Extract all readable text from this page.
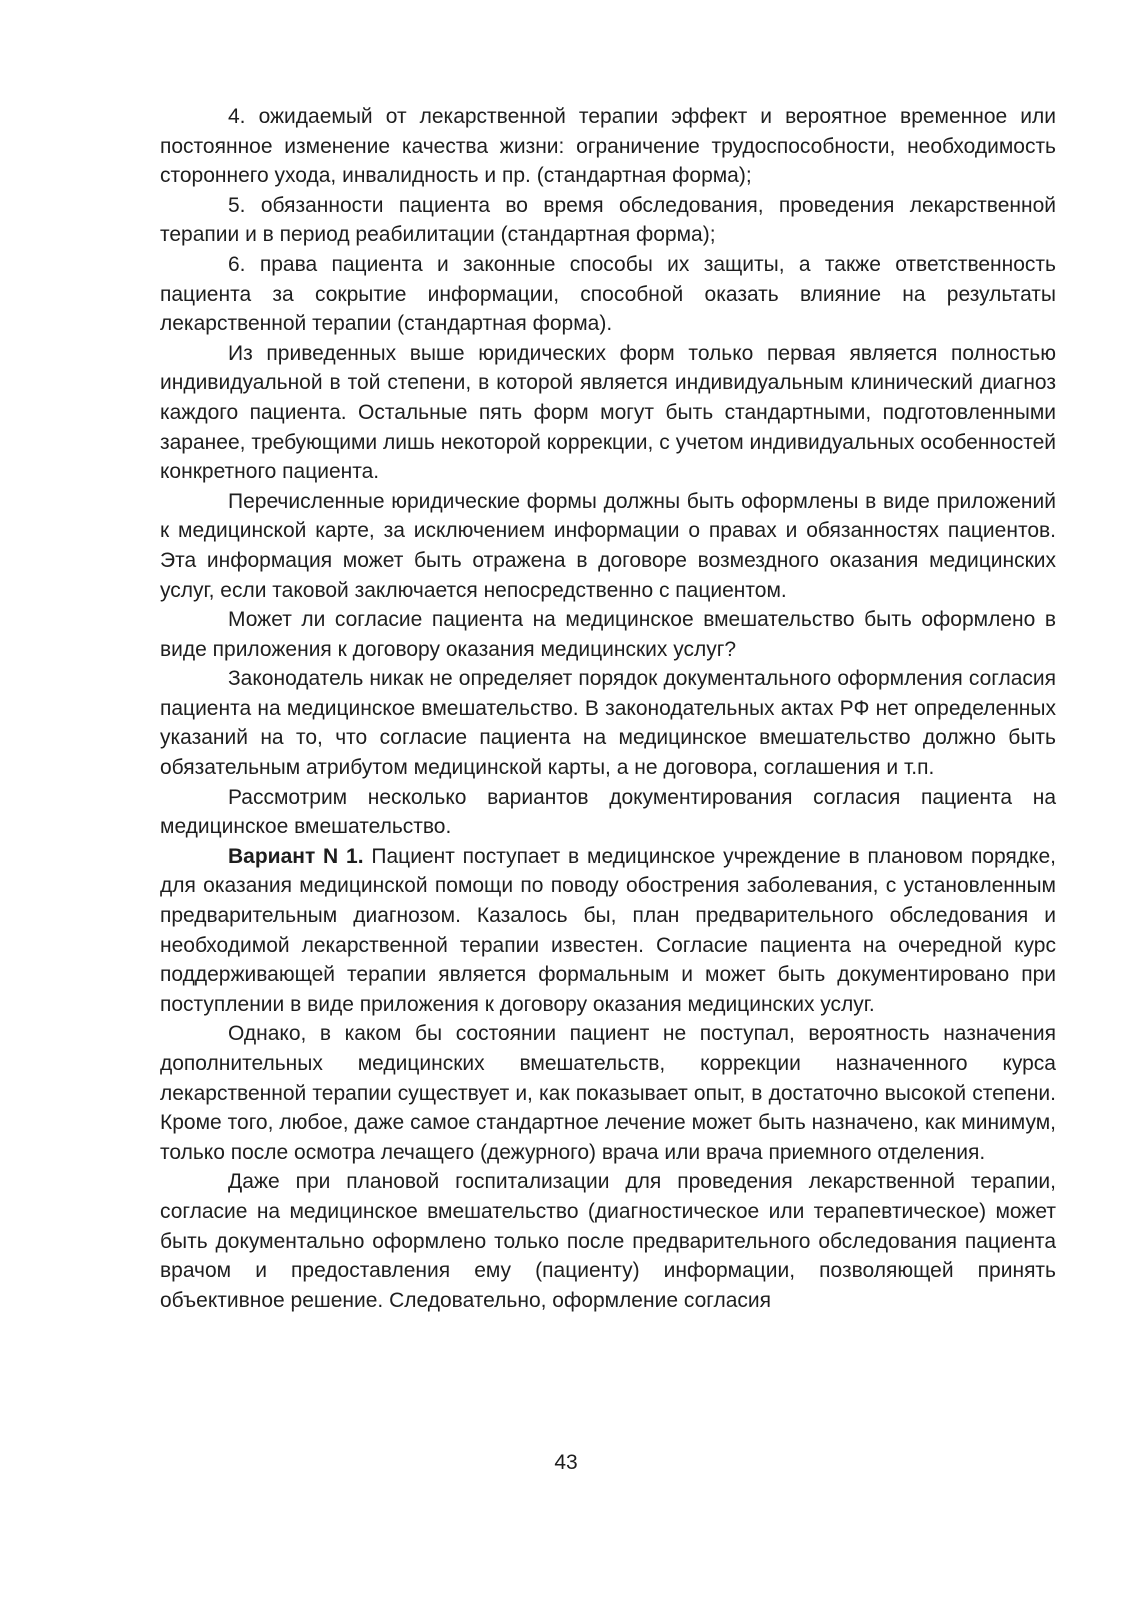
4. ожидаемый от лекарственной терапии эффект и вероятное временное или постоянное изменение качества жизни: ограничение трудоспособности, необходимость стороннего ухода, инвалидность и пр. (стандартная форма);

5. обязанности пациента во время обследования, проведения лекарственной терапии и в период реабилитации (стандартная форма);

6. права пациента и законные способы их защиты, а также ответственность пациента за сокрытие информации, способной оказать влияние на результаты лекарственной терапии (стандартная форма).

Из приведенных выше юридических форм только первая является полностью индивидуальной в той степени, в которой является индивидуальным клинический диагноз каждого пациента. Остальные пять форм могут быть стандартными, подготовленными заранее, требующими лишь некоторой коррекции, с учетом индивидуальных особенностей конкретного пациента.

Перечисленные юридические формы должны быть оформлены в виде приложений к медицинской карте, за исключением информации о правах и обязанностях пациентов. Эта информация может быть отражена в договоре возмездного оказания медицинских услуг, если таковой заключается непосредственно с пациентом.

Может ли согласие пациента на медицинское вмешательство быть оформлено в виде приложения к договору оказания медицинских услуг?

Законодатель никак не определяет порядок документального оформления согласия пациента на медицинское вмешательство. В законодательных актах РФ нет определенных указаний на то, что согласие пациента на медицинское вмешательство должно быть обязательным атрибутом медицинской карты, а не договора, соглашения и т.п.

Рассмотрим несколько вариантов документирования согласия пациента на медицинское вмешательство.

Вариант N 1. Пациент поступает в медицинское учреждение в плановом порядке, для оказания медицинской помощи по поводу обострения заболевания, с установленным предварительным диагнозом. Казалось бы, план предварительного обследования и необходимой лекарственной терапии известен. Согласие пациента на очередной курс поддерживающей терапии является формальным и может быть документировано при поступлении в виде приложения к договору оказания медицинских услуг.

Однако, в каком бы состоянии пациент не поступал, вероятность назначения дополнительных медицинских вмешательств, коррекции назначенного курса лекарственной терапии существует и, как показывает опыт, в достаточно высокой степени. Кроме того, любое, даже самое стандартное лечение может быть назначено, как минимум, только после осмотра лечащего (дежурного) врача или врача приемного отделения.

Даже при плановой госпитализации для проведения лекарственной терапии, согласие на медицинское вмешательство (диагностическое или терапевтическое) может быть документально оформлено только после предварительного обследования пациента врачом и предоставления ему (пациенту) информации, позволяющей принять объективное решение. Следовательно, оформление согласия

43
